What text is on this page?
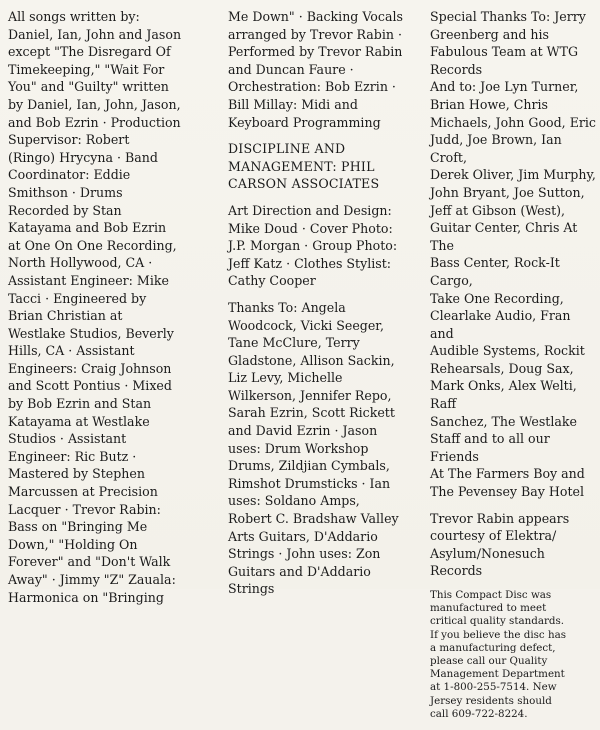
All songs written by:
Daniel, Ian, John and Jason
except "The Disregard Of
Timekeeping," "Wait For
You" and "Guilty" written
by Daniel, Ian, John, Jason,
and Bob Ezrin · Production
Supervisor: Robert
(Ringo) Hrycyna · Band
Coordinator: Eddie
Smithson · Drums
Recorded by Stan
Katayama and Bob Ezrin
at One On One Recording,
North Hollywood, CA ·
Assistant Engineer: Mike
Tacci · Engineered by
Brian Christian at
Westlake Studios, Beverly
Hills, CA · Assistant
Engineers: Craig Johnson
and Scott Pontius · Mixed
by Bob Ezrin and Stan
Katayama at Westlake
Studios · Assistant
Engineer: Ric Butz ·
Mastered by Stephen
Marcussen at Precision
Lacquer · Trevor Rabin:
Bass on "Bringing Me
Down," "Holding On
Forever" and "Don't Walk
Away" · Jimmy "Z" Zauala:
Harmonica on "Bringing

Me Down" · Backing Vocals
arranged by Trevor Rabin ·
Performed by Trevor Rabin
and Duncan Faure ·
Orchestration: Bob Ezrin ·
Bill Millay: Midi and
Keyboard Programming

DISCIPLINE AND
MANAGEMENT: PHIL
CARSON ASSOCIATES

Art Direction and Design:
Mike Doud · Cover Photo:
J.P. Morgan · Group Photo:
Jeff Katz · Clothes Stylist:
Cathy Cooper

Thanks To: Angela
Woodcock, Vicki Seeger,
Tane McClure, Terry
Gladstone, Allison Sackin,
Liz Levy, Michelle
Wilkerson, Jennifer Repo,
Sarah Ezrin, Scott Rickett
and David Ezrin · Jason
uses: Drum Workshop
Drums, Zildjian Cymbals,
Rimshot Drumsticks · Ian
uses: Soldano Amps,
Robert C. Bradshaw Valley
Arts Guitars, D'Addario
Strings · John uses: Zon
Guitars and D'Addario
Strings

Special Thanks To: Jerry
Greenberg and his
Fabulous Team at WTG
Records
And to: Joe Lyn Turner,
Brian Howe, Chris
Michaels, John Good, Eric
Judd, Joe Brown, Ian Croft,
Derek Oliver, Jim Murphy,
John Bryant, Joe Sutton,
Jeff at Gibson (West),
Guitar Center, Chris At The
Bass Center, Rock-It Cargo,
Take One Recording,
Clearlake Audio, Fran and
Audible Systems, Rockit
Rehearsals, Doug Sax,
Mark Onks, Alex Welti, Raff
Sanchez, The Westlake
Staff and to all our Friends
At The Farmers Boy and
The Pevensey Bay Hotel

Trevor Rabin appears
courtesy of Elektra/
Asylum/Nonesuch
Records

This Compact Disc was
manufactured to meet
critical quality standards.
If you believe the disc has
a manufacturing defect,
please call our Quality
Management Department
at 1-800-255-7514. New
Jersey residents should
call 609-722-8224.
